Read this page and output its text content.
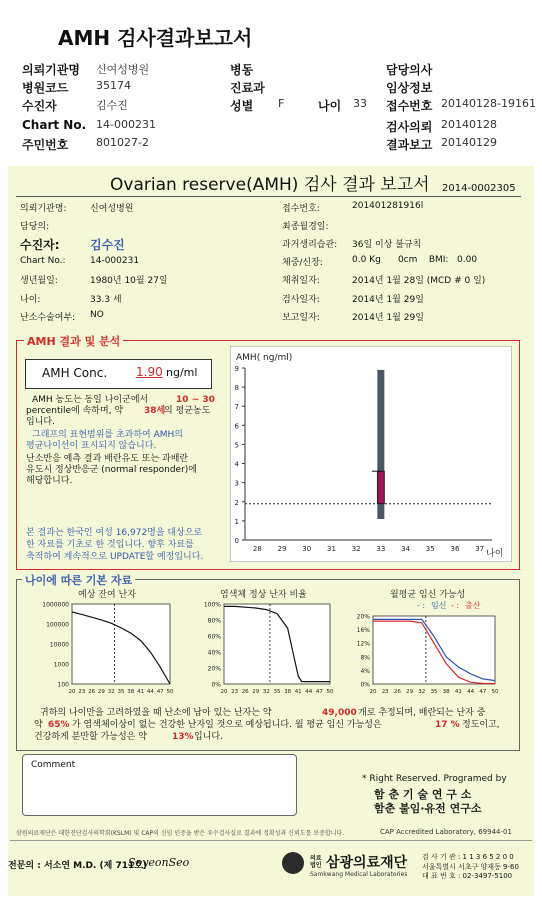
AMH 검사결과보고서
의뢰기관명 신여성병원	병동	담당의사
병원코드	35174	진료과	임상정보
수진자	김수진	성별 F	나이 33 접수번호 20140128-19161
Chart No. 14-000231	검사의뢰 20140128
주민번호	801027-2	결과보고 20140129
Ovarian reserve(AMH) 검사 결과 보고서 2014-0002305
의뢰기관명:	신여성병원
담당의:
수진자:	김수진
Chart No.:	14-000231
생년월일:	1980년 10월 27일
나이:	33.3 세
난소수술여부: NO
접수번호:	201401281916l
최종월경일:
과거생리습관: 36일 이상 불규칙
체중/신장:	0.0 Kg      0cm    BMI:   0.00
채취일자:	2014년 1월 28일 (MCD # 0 일)
검사일자:	2014년 1월 29일
보고일자:	2014년 1월 29일
AMH 결과 및 분석
AMH Conc. 1.90 ng/ml
AMH 농도는 동일 나이군에서	10 ~ 30
percentile에 속하며, 약 38세
의 평균농도
입니다.
그래프의 표현범위를 초과하여 AMH의
평균나이선이 표시되지 않습니다.
난소반응 예측 결과 배란유도 또는 과배란
유도시 정상반응군 (normal responder)에
해당합니다.
본 결과는 한국인 여성 16,972명을 대상으로
한 자료를 기초로 한 것입니다. 향후 자료를
축적하여 계속적으로 UPDATE할 예정입니다.
AMH( ng/ml)
나이
0
1
2
3
4
5
6
7
8
9
28 29 30 31 32 33 34 35 36 37
나이에 따른 기본 자료
예상 잔여 난자
1000000
100000
10000
1000
100
20 23 26 29 32 35 38 41 44 47 50
염색체 정상 난자 비율
100%
80%
60%
40%
20%
0%
20 23 26 29 32 35 38 41 44 47 50
월평균 임신 가능성
- : 임신 - : 출산
20%
16%
12%
8%
4%
0%
20 23 26 29 32 35 38 41 44 47 50
귀하의 나이만을 고려하였을 때 난소에 남아 있는 난자는 약	49,000 개로 추정되며, 배란되는 난자 중
약 65% 가 염색체이상이 없는 건강한 난자일 것으로 예상됩니다. 월 평균 임신 가능성은	17 % 정도이고,
건강하게 분만할 가능성은 약	13% 입니다.
Comment
* Right Reserved. Programed by
함 춘 기 술 연 구 소
함춘 불임·유전 연구소
삼원의료재단은 대한진단검사의학회(KSLM) 및 CAP의 신임 인증을 받은 우수검사실로 결과에 정확성과 신뢰도를 보증합니다.	CAP Accredited Laboratory, 69944-01
전문의 : 서소연 M.D. (제 711호)
SoyeonSeo	의료법인 삼광의료재단
Samkwang Medical Laboratories
검 사 기 관 : 1 1 3 6 5 2 0 0
서울특별시 서초구 양재동 9-60
대 표 번 호 : 02-3497-5100
